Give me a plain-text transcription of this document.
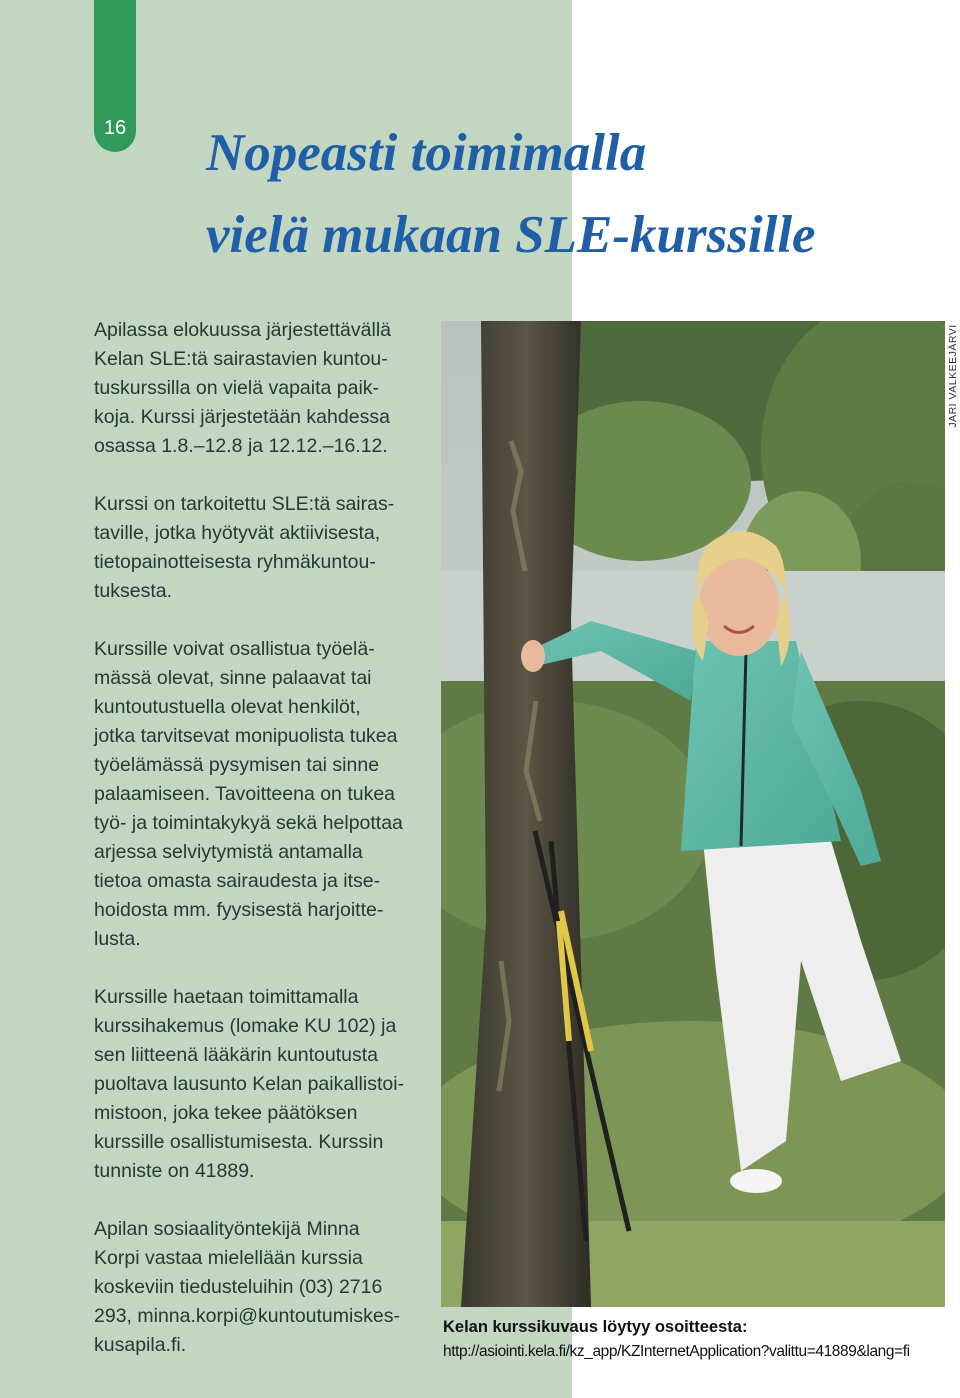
16 Nopeasti toimimalla
vielä mukaan SLE-kurssille

Apilassa elokuussa järjestettävällä
Kelan SLE:tä sairastavien kuntou-
tuskurssilla on vielä vapaita paik-
koja. Kurssi järjestetään kahdessa
osassa 1.8.–12.8 ja 12.12.–16.12.

Kurssi on tarkoitettu SLE:tä sairas-
taville, jotka hyötyvät aktiivisesta,
tietopainotteisesta ryhmäkuntou-
tuksesta.

Kurssille voivat osallistua työelä-
mässä olevat, sinne palaavat tai
kuntoutustuella olevat henkilöt,
jotka tarvitsevat monipuolista tukea
työelämässä pysymisen tai sinne
palaamiseen. Tavoitteena on tukea
työ- ja toimintakykyä sekä helpottaa
arjessa selviytymistä antamalla
tietoa omasta sairaudesta ja itse-
hoidosta mm. fyysisestä harjoitte-
lusta.

Kurssille haetaan toimittamalla
kurssihakemus (lomake KU 102) ja
sen liitteenä lääkärin kuntoutusta
puoltava lausunto Kelan paikallistoi-
mistoon, joka tekee päätöksen
kurssille osallistumisesta. Kurssin
tunniste on 41889.

Apilan sosiaalityöntekijä Minna
Korpi vastaa mielellään kurssia
koskeviin tiedusteluihin (03) 2716
293, minna.korpi@kuntoutumiskes-
kusapila.fi.

JARI VALKEEJÄRVI
Kelan kurssikuvaus löytyy osoitteesta:
http://asiointi.kela.fi/kz_app/KZInternetApplication?valittu=41889&lang=fi
